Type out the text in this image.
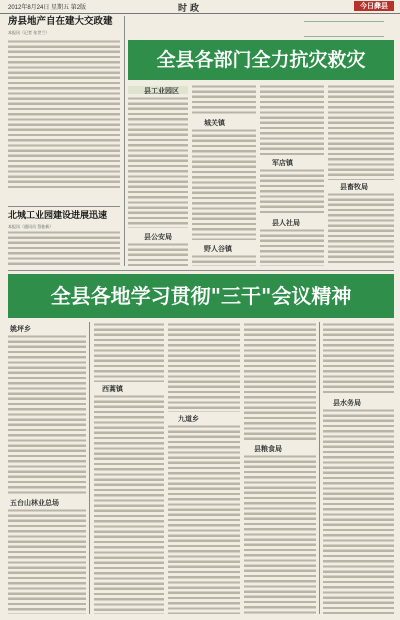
2012年8月24日 星期五 第2版	时政	今日彝县
房县地产自在建大交政建
本报讯（记者 张世兰）
北城工业园建设进展迅速
本报讯（通讯员 蔡桂新）
全县各部门全力抗灾救灾
县工业园区
县公安局
城关镇
野人谷镇
军店镇
县人社局
县畜牧局
全县各地学习贯彻"三干"会议精神
姚坪乡
五台山林业总场
西蒿镇
九道乡
县粮食局
县水务局
